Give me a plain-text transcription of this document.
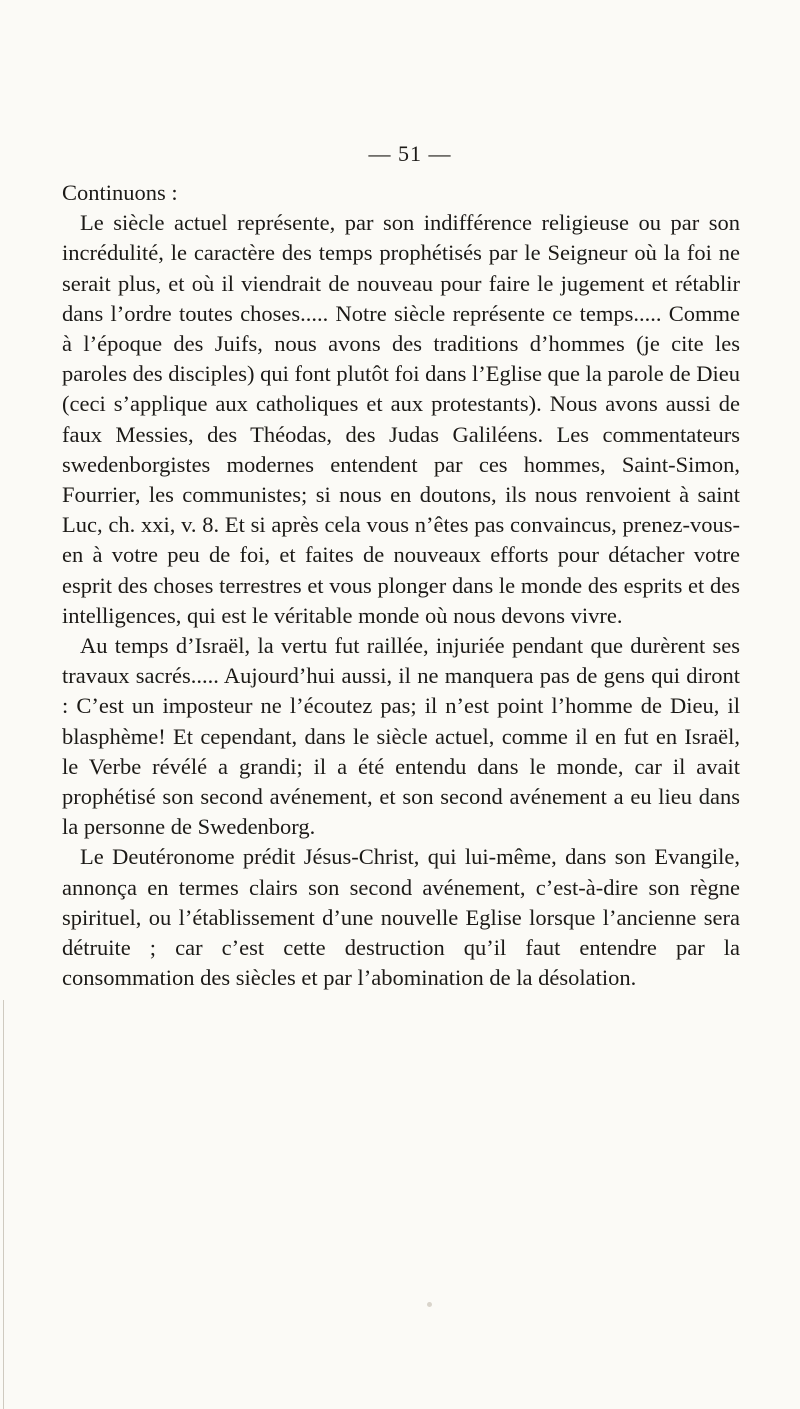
— 51 —

Continuons :

Le siècle actuel représente, par son indifférence religieuse ou par son incrédulité, le caractère des temps prophétisés par le Seigneur où la foi ne serait plus, et où il viendrait de nouveau pour faire le jugement et rétablir dans l’ordre toutes choses..... Notre siècle représente ce temps..... Comme à l’époque des Juifs, nous avons des traditions d’hommes (je cite les paroles des disciples) qui font plutôt foi dans l’Eglise que la parole de Dieu (ceci s’applique aux catholiques et aux protestants). Nous avons aussi de faux Messies, des Théodas, des Judas Galiléens. Les commentateurs swedenborgistes modernes entendent par ces hommes, Saint-Simon, Fourrier, les communistes; si nous en doutons, ils nous renvoient à saint Luc, ch. xxi, v. 8. Et si après cela vous n’êtes pas convaincus, prenez-vous-en à votre peu de foi, et faites de nouveaux efforts pour détacher votre esprit des choses terrestres et vous plonger dans le monde des esprits et des intelligences, qui est le véritable monde où nous devons vivre.

Au temps d’Israël, la vertu fut raillée, injuriée pendant que durèrent ses travaux sacrés..... Aujourd’hui aussi, il ne manquera pas de gens qui diront : C’est un imposteur ne l’écoutez pas; il n’est point l’homme de Dieu, il blasphème! Et cependant, dans le siècle actuel, comme il en fut en Israël, le Verbe révélé a grandi; il a été entendu dans le monde, car il avait prophétisé son second avénement, et son second avénement a eu lieu dans la personne de Swedenborg.

Le Deutéronome prédit Jésus-Christ, qui lui-même, dans son Evangile, annonça en termes clairs son second avénement, c’est-à-dire son règne spirituel, ou l’établissement d’une nouvelle Eglise lorsque l’ancienne sera détruite ; car c’est cette destruction qu’il faut entendre par la consommation des siècles et par l’abomination de la désolation.
